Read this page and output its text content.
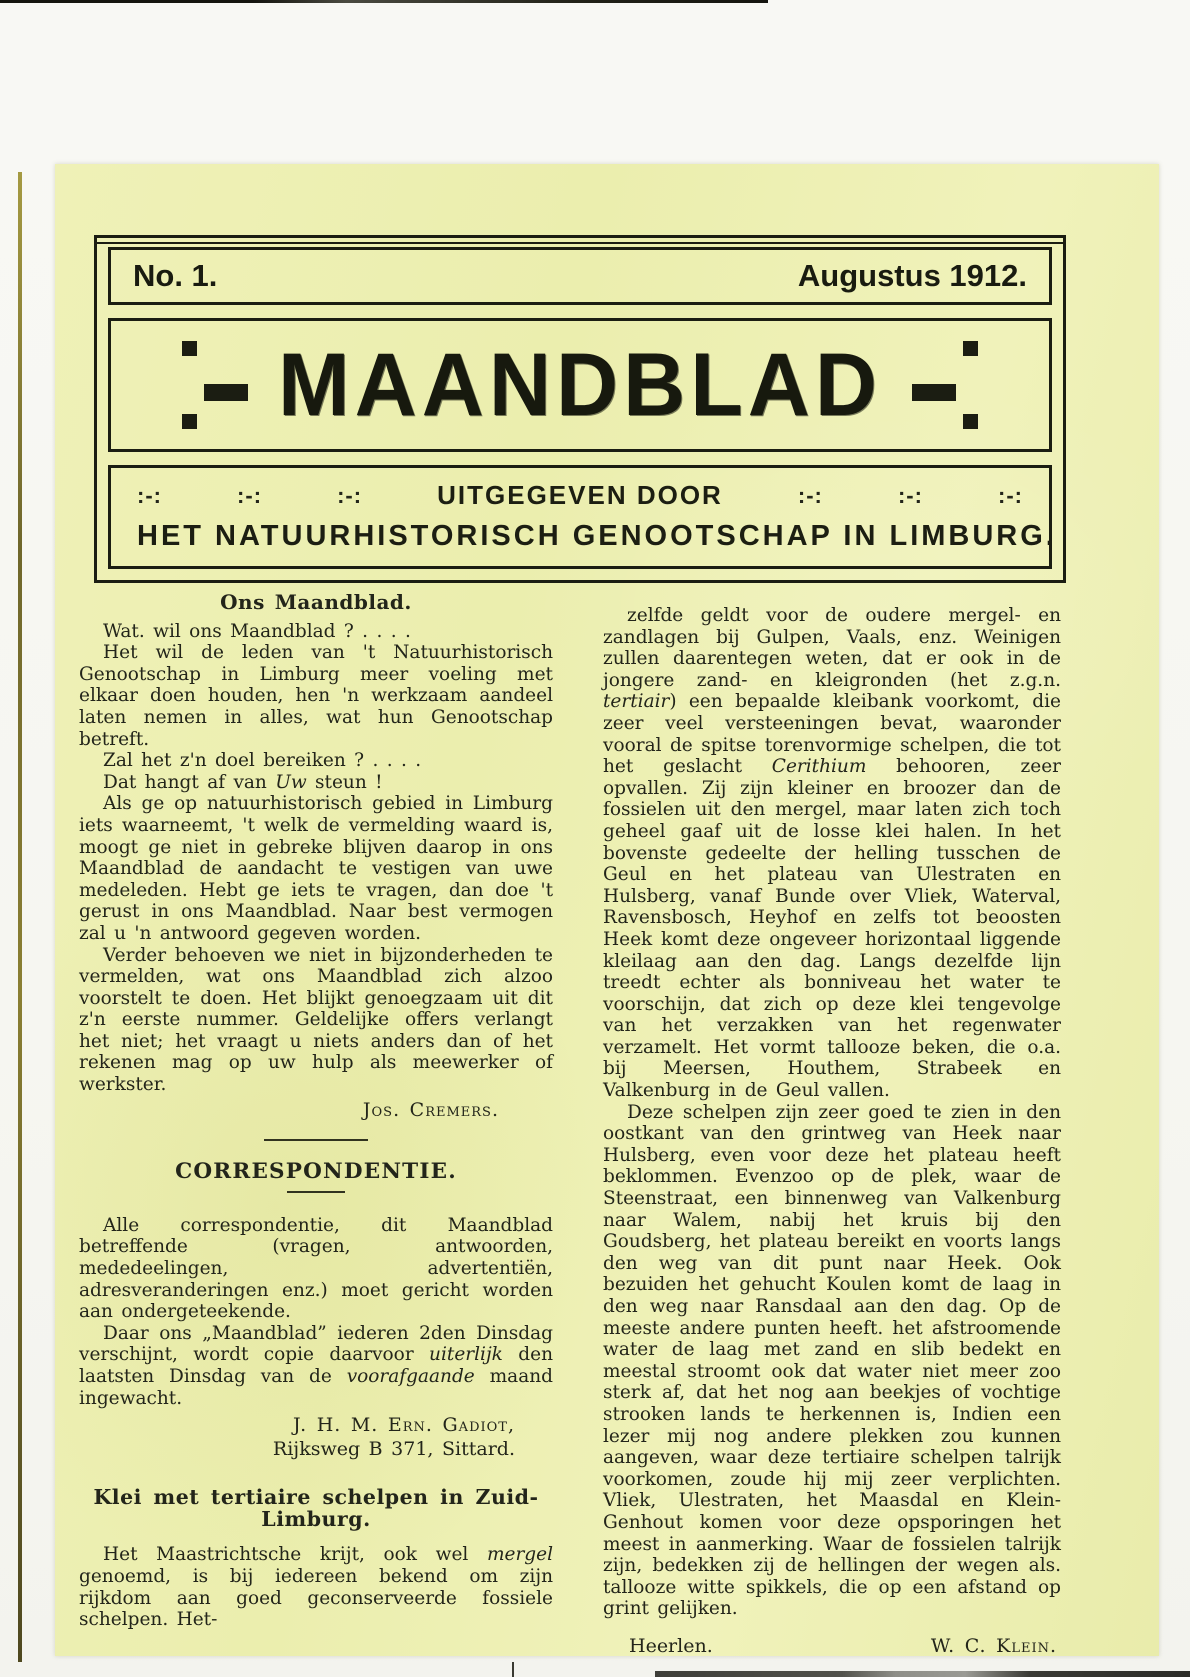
No. 1.	Augustus 1912.
MAANDBLAD
:-:	:-:	:-:	UITGEGEVEN DOOR	:-:	:-:	:-:
HET NATUURHISTORISCH GENOOTSCHAP IN LIMBURG.
Ons Maandblad.

Wat. wil ons Maandblad ? . . . .

Het wil de leden van 't Natuurhistorisch Genootschap in Limburg meer voeling met elkaar doen houden, hen 'n werkzaam aandeel laten nemen in alles, wat hun Genootschap betreft.

Zal het z'n doel bereiken ? . . . .

Dat hangt af van Uw steun !

Als ge op natuurhistorisch gebied in Limburg iets waarneemt, 't welk de vermelding waard is, moogt ge niet in gebreke blijven daarop in ons Maandblad de aandacht te vestigen van uwe medeleden. Hebt ge iets te vragen, dan doe 't gerust in ons Maandblad. Naar best vermogen zal u 'n antwoord gegeven worden.

Verder behoeven we niet in bijzonderheden te vermelden, wat ons Maandblad zich alzoo voorstelt te doen. Het blijkt genoegzaam uit dit z'n eerste nummer. Geldelijke offers verlangt het niet; het vraagt u niets anders dan of het rekenen mag op uw hulp als meewerker of werkster.

Jos. Cremers.
CORRESPONDENTIE.

Alle correspondentie, dit Maandblad betreffende (vragen, antwoorden, mededeelingen, advertentiën, adresveranderingen enz.) moet gericht worden aan ondergeteekende.

Daar ons „Maandblad” iederen 2den Dinsdag verschijnt, wordt copie daarvoor uiterlijk den laatsten Dinsdag van de voorafgaande maand ingewacht.

J. H. M. Ern. Gadiot,
Rijksweg B 371, Sittard.
Klei met tertiaire schelpen in Zuid-Limburg.

Het Maastrichtsche krijt, ook wel mergel genoemd, is bij iedereen bekend om zijn rijkdom aan goed geconserveerde fossiele schelpen. Het-

zelfde geldt voor de oudere mergel- en zandlagen bij Gulpen, Vaals, enz. Weinigen zullen daarentegen weten, dat er ook in de jongere zand- en kleigronden (het z.g.n. tertiair) een bepaalde kleibank voorkomt, die zeer veel versteeningen bevat, waaronder vooral de spitse torenvormige schelpen, die tot het geslacht Cerithium behooren, zeer opvallen. Zij zijn kleiner en broozer dan de fossielen uit den mergel, maar laten zich toch geheel gaaf uit de losse klei halen. In het bovenste gedeelte der helling tusschen de Geul en het plateau van Ulestraten en Hulsberg, vanaf Bunde over Vliek, Waterval, Ravensbosch, Heyhof en zelfs tot beoosten Heek komt deze ongeveer horizontaal liggende kleilaag aan den dag. Langs dezelfde lijn treedt echter als bonniveau het water te voorschijn, dat zich op deze klei tengevolge van het verzakken van het regenwater verzamelt. Het vormt tallooze beken, die o.a. bij Meersen, Houthem, Strabeek en Valkenburg in de Geul vallen.

Deze schelpen zijn zeer goed te zien in den oostkant van den grintweg van Heek naar Hulsberg, even voor deze het plateau heeft beklommen. Evenzoo op de plek, waar de Steenstraat, een binnenweg van Valkenburg naar Walem, nabij het kruis bij den Goudsberg, het plateau bereikt en voorts langs den weg van dit punt naar Heek. Ook bezuiden het gehucht Koulen komt de laag in den weg naar Ransdaal aan den dag. Op de meeste andere punten heeft. het afstroomende water de laag met zand en slib bedekt en meestal stroomt ook dat water niet meer zoo sterk af, dat het nog aan beekjes of vochtige strooken lands te herkennen is, Indien een lezer mij nog andere plekken zou kunnen aangeven, waar deze tertiaire schelpen talrijk voorkomen, zoude hij mij zeer verplichten. Vliek, Ulestraten, het Maasdal en Klein-Genhout komen voor deze opsporingen het meest in aanmerking. Waar de fossielen talrijk zijn, bedekken zij de hellingen der wegen als. tallooze witte spikkels, die op een afstand op grint gelijken.

Heerlen.	W. C. Klein.
